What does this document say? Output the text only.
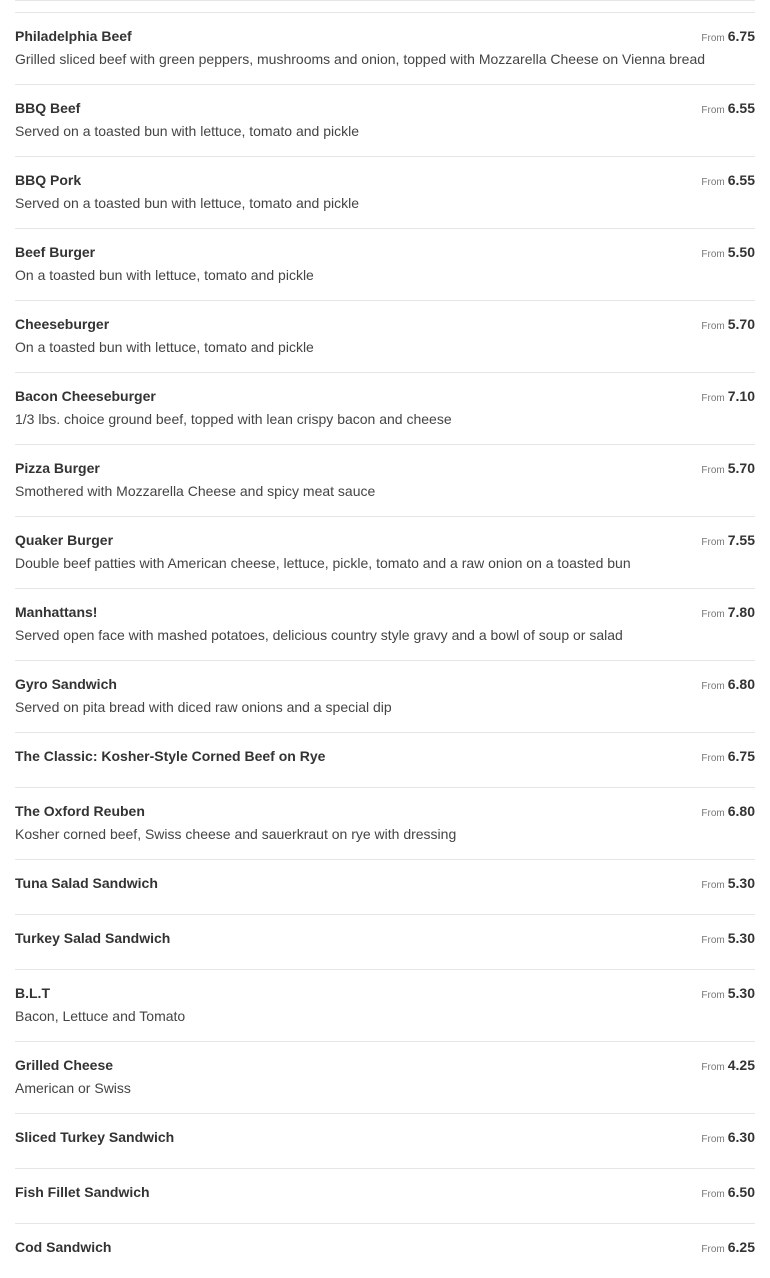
Philadelphia Beef	From 6.75
Grilled sliced beef with green peppers, mushrooms and onion, topped with Mozzarella Cheese on Vienna bread
BBQ Beef	From 6.55
Served on a toasted bun with lettuce, tomato and pickle
BBQ Pork	From 6.55
Served on a toasted bun with lettuce, tomato and pickle
Beef Burger	From 5.50
On a toasted bun with lettuce, tomato and pickle
Cheeseburger	From 5.70
On a toasted bun with lettuce, tomato and pickle
Bacon Cheeseburger	From 7.10
1/3 lbs. choice ground beef, topped with lean crispy bacon and cheese
Pizza Burger	From 5.70
Smothered with Mozzarella Cheese and spicy meat sauce
Quaker Burger	From 7.55
Double beef patties with American cheese, lettuce, pickle, tomato and a raw onion on a toasted bun
Manhattans!	From 7.80
Served open face with mashed potatoes, delicious country style gravy and a bowl of soup or salad
Gyro Sandwich	From 6.80
Served on pita bread with diced raw onions and a special dip
The Classic: Kosher-Style Corned Beef on Rye	From 6.75
The Oxford Reuben	From 6.80
Kosher corned beef, Swiss cheese and sauerkraut on rye with dressing
Tuna Salad Sandwich	From 5.30
Turkey Salad Sandwich	From 5.30
B.L.T	From 5.30
Bacon, Lettuce and Tomato
Grilled Cheese	From 4.25
American or Swiss
Sliced Turkey Sandwich	From 6.30
Fish Fillet Sandwich	From 6.50
Cod Sandwich	From 6.25
